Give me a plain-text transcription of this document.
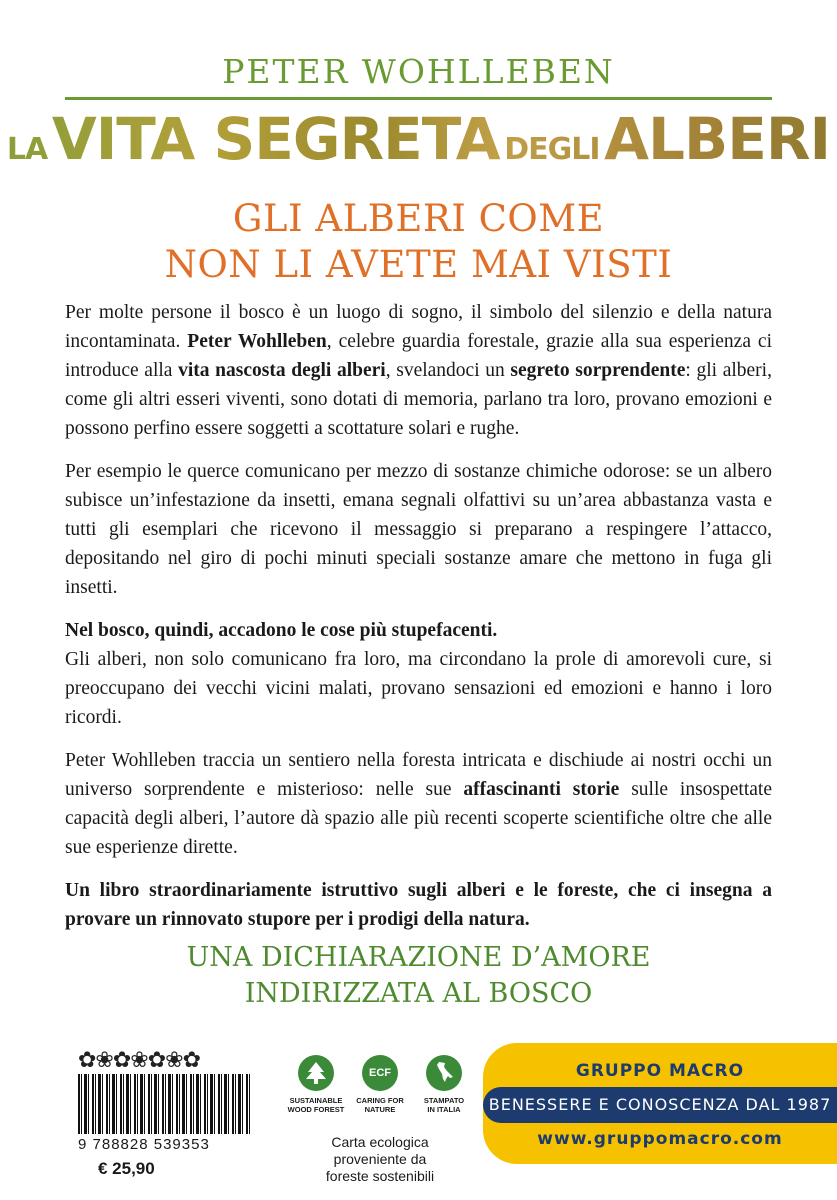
PETER WOHLLEBEN
LA VITA SEGRETA DEGLI ALBERI
GLI ALBERI COME
NON LI AVETE MAI VISTI

Per molte persone il bosco è un luogo di sogno, il simbolo del silenzio e della natura incontaminata. Peter Wohlleben, celebre guardia forestale, grazie alla sua esperienza ci introduce alla vita nascosta degli alberi, svelandoci un segreto sorprendente: gli alberi, come gli altri esseri viventi, sono dotati di memoria, parlano tra loro, provano emozioni e possono perfino essere soggetti a scottature solari e rughe.

Per esempio le querce comunicano per mezzo di sostanze chimiche odorose: se un albero subisce un’infestazione da insetti, emana segnali olfattivi su un’area abbastanza vasta e tutti gli esemplari che ricevono il messaggio si preparano a respingere l’attacco, depositando nel giro di pochi minuti speciali sostanze amare che mettono in fuga gli insetti.

Nel bosco, quindi, accadono le cose più stupefacenti.
Gli alberi, non solo comunicano fra loro, ma circondano la prole di amorevoli cure, si preoccupano dei vecchi vicini malati, provano sensazioni ed emozioni e hanno i loro ricordi.

Peter Wohlleben traccia un sentiero nella foresta intricata e dischiude ai nostri occhi un universo sorprendente e misterioso: nelle sue affascinanti storie sulle insospettate capacità degli alberi, l’autore dà spazio alle più recenti scoperte scientifiche oltre che alle sue esperienze dirette.

Un libro straordinariamente istruttivo sugli alberi e le foreste, che ci insegna a provare un rinnovato stupore per i prodigi della natura.

UNA DICHIARAZIONE D’AMORE
INDIRIZZATA AL BOSCO
✿❀✿❀✿❀✿
9 788828 539353
€ 25,90
SUSTAINABLE
WOOD FOREST
ECF
CARING FOR
NATURE
STAMPATO
IN ITALIA
Carta ecologica
proveniente da
foreste sostenibili
GRUPPO MACRO
BENESSERE E CONOSCENZA DAL 1987
www.gruppomacro.com
